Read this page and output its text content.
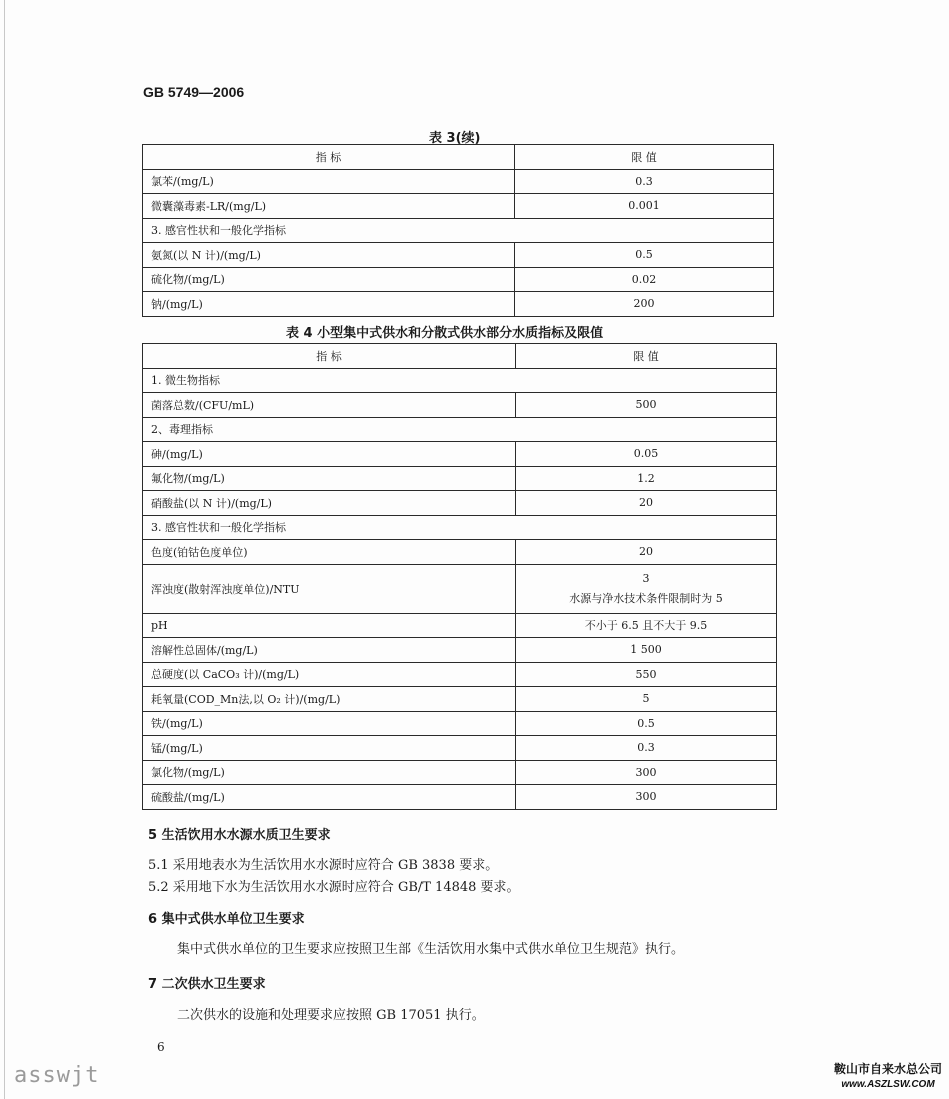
GB 5749—2006
表 3(续)
指 标	限 值
氯苯/(mg/L)	0.3
微囊藻毒素-LR/(mg/L)	0.001
3. 感官性状和一般化学指标	
氨氮(以 N 计)/(mg/L)	0.5
硫化物/(mg/L)	0.02
钠/(mg/L)	200
表 4 小型集中式供水和分散式供水部分水质指标及限值
指 标	限 值
1. 微生物指标	
菌落总数/(CFU/mL)	500
2、毒理指标	
砷/(mg/L)	0.05
氟化物/(mg/L)	1.2
硝酸盐(以 N 计)/(mg/L)	20
3. 感官性状和一般化学指标	
色度(铂钴色度单位)	20
浑浊度(散射浑浊度单位)/NTU	3
水源与净水技术条件限制时为 5

pH	不小于 6.5 且不大于 9.5
溶解性总固体/(mg/L)	1 500
总硬度(以 CaCO₃ 计)/(mg/L)	550
耗氧量(COD_Mn法,以 O₂ 计)/(mg/L)	5
铁/(mg/L)	0.5
锰/(mg/L)	0.3
氯化物/(mg/L)	300
硫酸盐/(mg/L)	300
5 生活饮用水水源水质卫生要求
5.1 采用地表水为生活饮用水水源时应符合 GB 3838 要求。
5.2 采用地下水为生活饮用水水源时应符合 GB/T 14848 要求。
6 集中式供水单位卫生要求
集中式供水单位的卫生要求应按照卫生部《生活饮用水集中式供水单位卫生规范》执行。
7 二次供水卫生要求
二次供水的设施和处理要求应按照 GB 17051 执行。
6
asswjt	鞍山市自来水总公司
www.ASZLSW.COM
